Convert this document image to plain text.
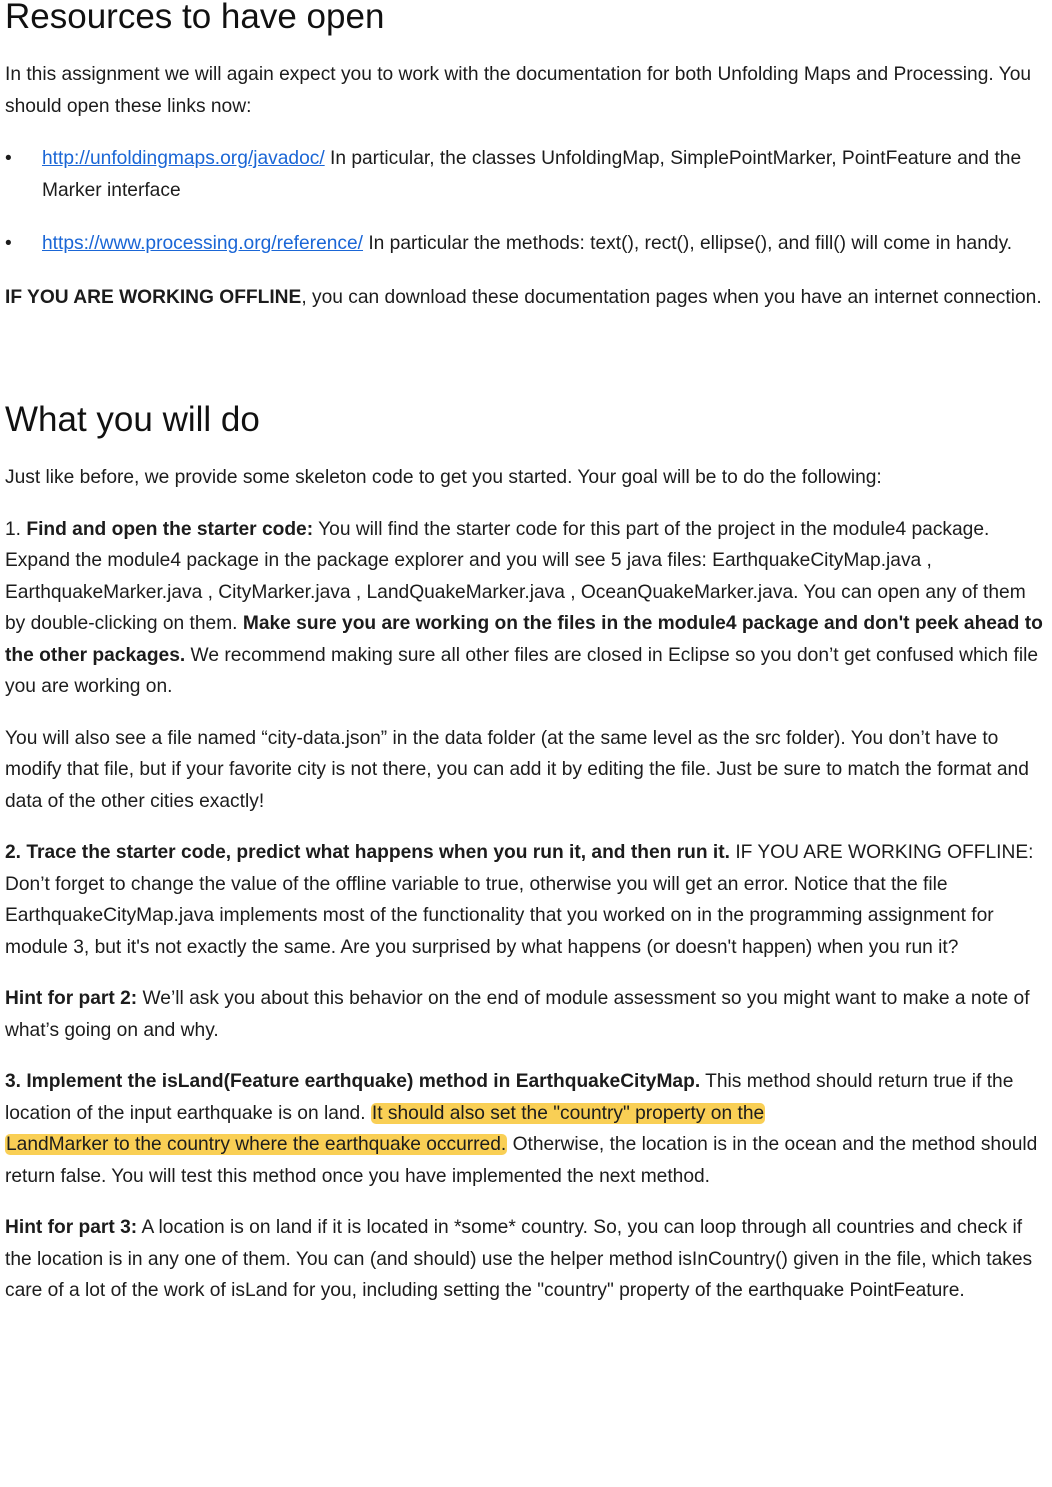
Resources to have open

In this assignment we will again expect you to work with the documentation for both Unfolding Maps and Processing. You should open these links now:

• http://unfoldingmaps.org/javadoc/ In particular, the classes UnfoldingMap, SimplePointMarker, PointFeature and the Marker interface
• https://www.processing.org/reference/ In particular the methods: text(), rect(), ellipse(), and fill() will come in handy.

IF YOU ARE WORKING OFFLINE, you can download these documentation pages when you have an internet connection.

What you will do

Just like before, we provide some skeleton code to get you started. Your goal will be to do the following:

1. Find and open the starter code: You will find the starter code for this part of the project in the module4 package. Expand the module4 package in the package explorer and you will see 5 java files: EarthquakeCityMap.java , EarthquakeMarker.java , CityMarker.java , LandQuakeMarker.java , OceanQuakeMarker.java. You can open any of them by double-clicking on them. Make sure you are working on the files in the module4 package and don't peek ahead to the other packages. We recommend making sure all other files are closed in Eclipse so you don’t get confused which file you are working on.

You will also see a file named “city-data.json” in the data folder (at the same level as the src folder). You don’t have to modify that file, but if your favorite city is not there, you can add it by editing the file. Just be sure to match the format and data of the other cities exactly!

2. Trace the starter code, predict what happens when you run it, and then run it. IF YOU ARE WORKING OFFLINE: Don’t forget to change the value of the offline variable to true, otherwise you will get an error. Notice that the file EarthquakeCityMap.java implements most of the functionality that you worked on in the programming assignment for module 3, but it's not exactly the same. Are you surprised by what happens (or doesn't happen) when you run it?

Hint for part 2: We’ll ask you about this behavior on the end of module assessment so you might want to make a note of what’s going on and why.

3. Implement the isLand(Feature earthquake) method in EarthquakeCityMap. This method should return true if the location of the input earthquake is on land. It should also set the "country" property on the
LandMarker to the country where the earthquake occurred. Otherwise, the location is in the ocean and the method should return false. You will test this method once you have implemented the next method.

Hint for part 3: A location is on land if it is located in *some* country. So, you can loop through all countries and check if the location is in any one of them. You can (and should) use the helper method isInCountry() given in the file, which takes care of a lot of the work of isLand for you, including setting the "country" property of the earthquake PointFeature.
